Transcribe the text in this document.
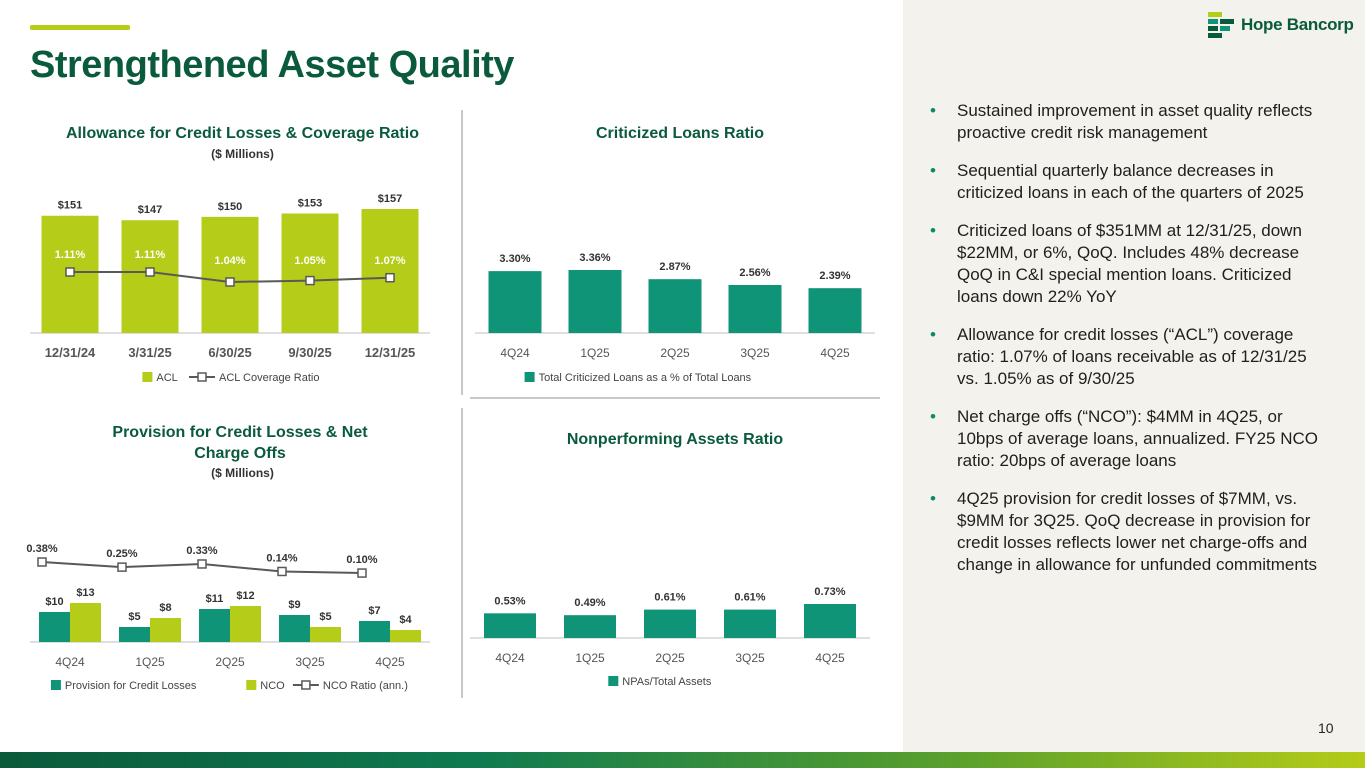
Strengthened Asset Quality
Hope Bancorp
• Sustained improvement in asset quality reflects proactive credit risk management
• Sequential quarterly balance decreases in criticized loans in each of the quarters of 2025
• Criticized loans of $351MM at 12/31/25, down $22MM, or 6%, QoQ. Includes 48% decrease QoQ in C&I special mention loans. Criticized loans down 22% YoY
• Allowance for credit losses (“ACL”) coverage ratio: 1.07% of loans receivable as of 12/31/25 vs. 1.05% as of 9/30/25
• Net charge offs (“NCO”): $4MM in 4Q25, or 10bps of average loans, annualized. FY25 NCO ratio: 20bps of average loans
• 4Q25 provision for credit losses of $7MM, vs. $9MM for 3Q25. QoQ decrease in provision for credit losses reflects lower net charge-offs and change in allowance for unfunded commitments
Allowance for Credit Losses & Coverage Ratio
($ Millions)
Criticized Loans Ratio
Provision for Credit Losses & Net Charge Offs
($ Millions)
Nonperforming Assets Ratio
$151
12/31/24
$147
3/31/25
$150
6/30/25
$153
9/30/25
$157
12/31/25
1.11%	1.11%	1.04%	1.05%	1.07%
ACL	ACL Coverage Ratio
3.30%
4Q24
3.36%
1Q25
2.87%
2Q25
2.56%
3Q25
2.39%
4Q25
Total Criticized Loans as a % of Total Loans
$10
$13
4Q24
$5
$8
1Q25
$11 $12
2Q25
$9
$5
3Q25
$7
$4
4Q25
0.38%	0.25%	0.33%
0.14%	0.10%
Provision for Credit Losses	NCO	NCO Ratio (ann.)
0.53%
4Q24
0.49%
1Q25
0.61%
2Q25
0.61%
3Q25
0.73%
4Q25
NPAs/Total Assets
10
